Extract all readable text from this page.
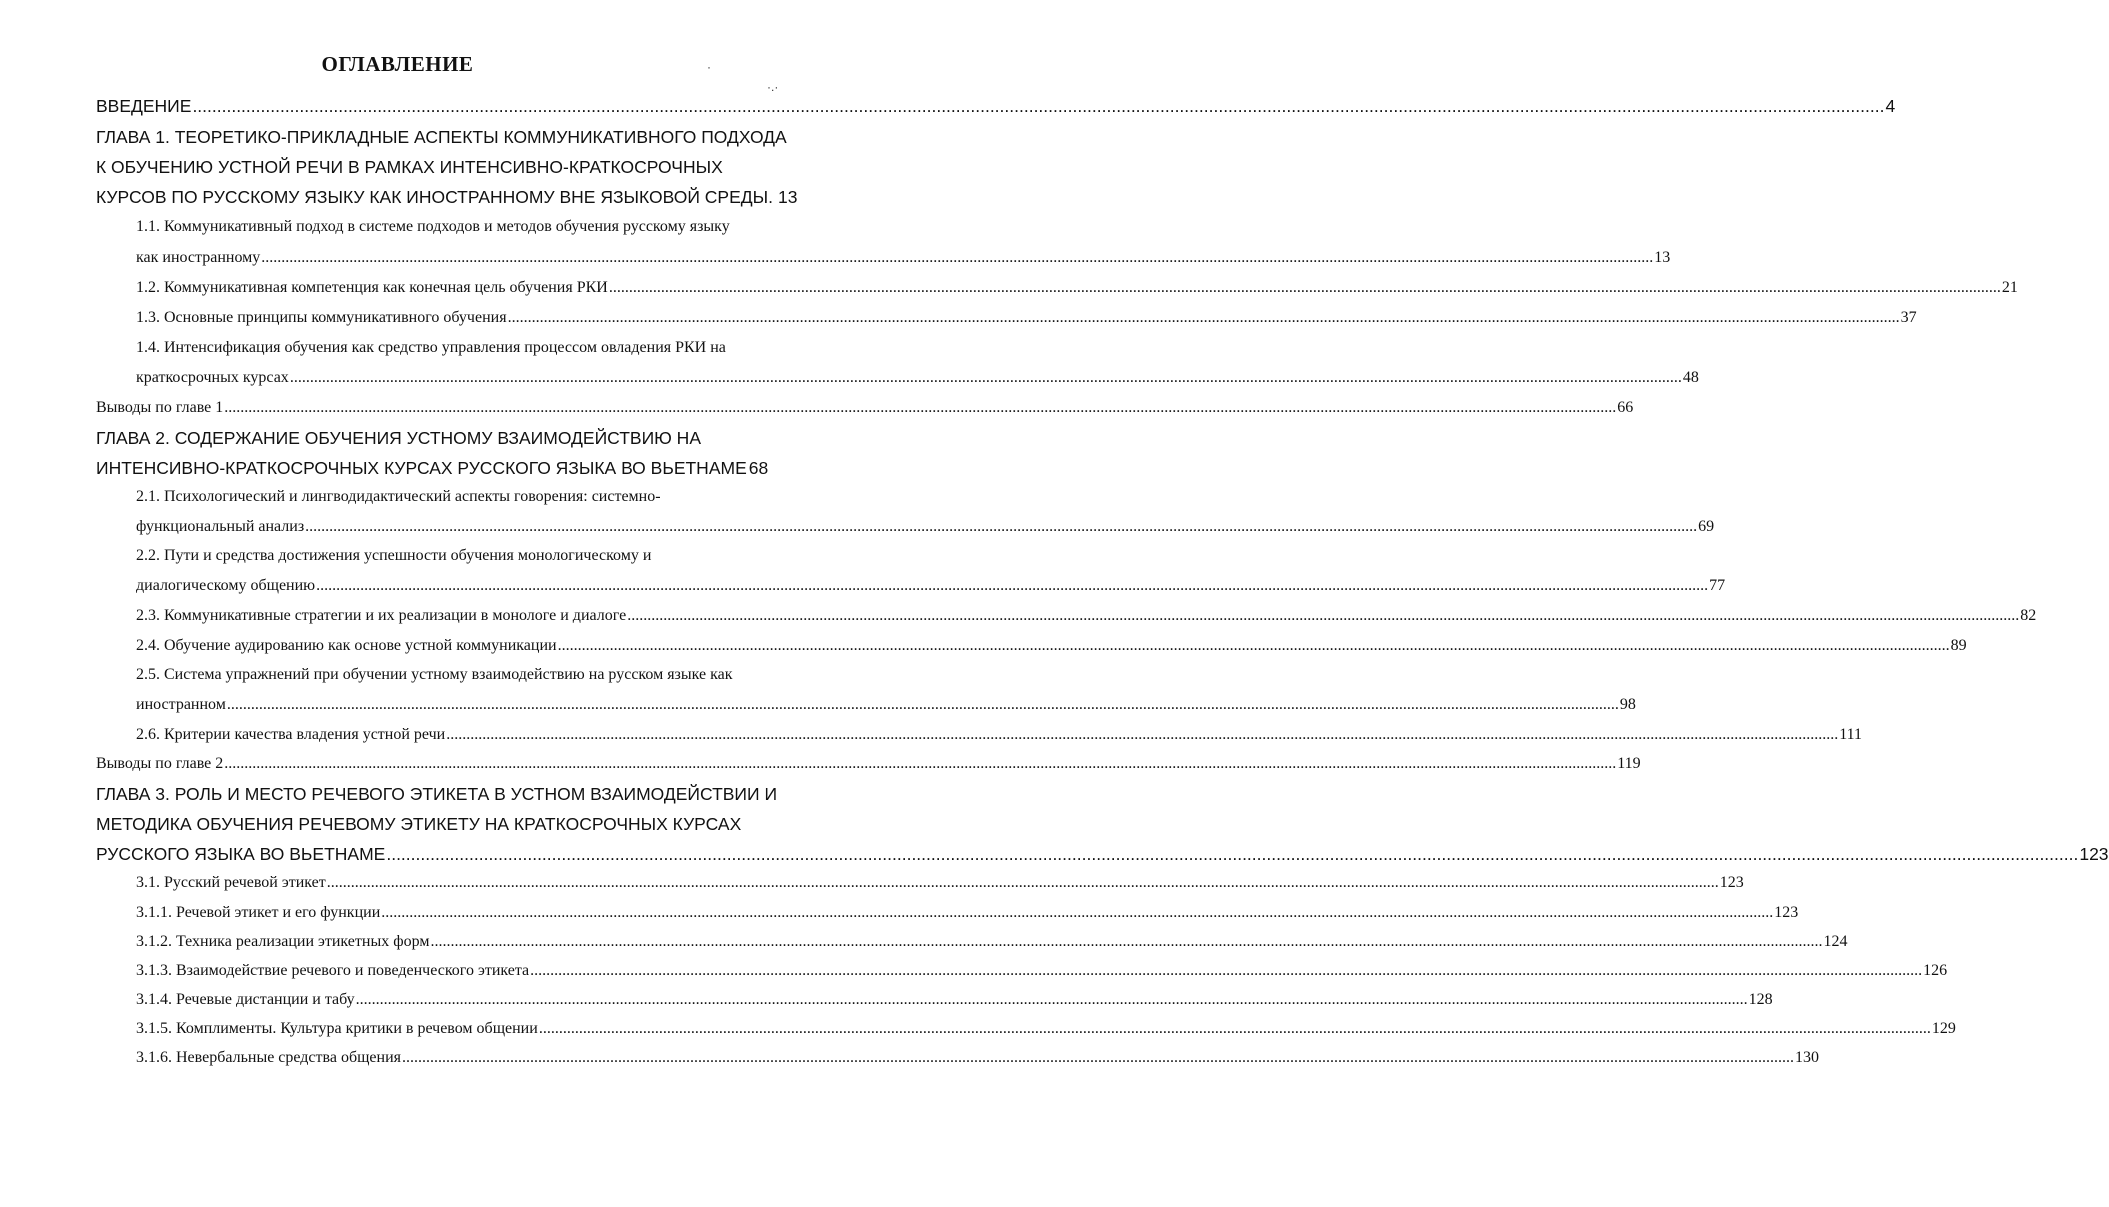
ОГЛАВЛЕНИЕ	·
·.·
ВВЕДЕНИЕ .....	4
ГЛАВА 1. ТЕОРЕТИКО-ПРИКЛАДНЫЕ АСПЕКТЫ КОММУНИКАТИВНОГО ПОДХОДА
К ОБУЧЕНИЮ УСТНОЙ РЕЧИ В РАМКАХ ИНТЕНСИВНО-КРАТКОСРОЧНЫХ
КУРСОВ ПО РУССКОМУ ЯЗЫКУ КАК ИНОСТРАННОМУ ВНЕ ЯЗЫКОВОЙ СРЕДЫ. 13
1.1. Коммуникативный подход в системе подходов и методов обучения русскому языку
как иностранному .....	13
1.2. Коммуникативная компетенция как конечная цель обучения РКИ .....	21
1.3. Основные принципы коммуникативного обучения .....	37
1.4. Интенсификация обучения как средство управления процессом овладения РКИ на
краткосрочных курсах .....	48
Выводы по главе 1 .....	66
ГЛАВА 2. СОДЕРЖАНИЕ ОБУЧЕНИЯ УСТНОМУ ВЗАИМОДЕЙСТВИЮ НА
ИНТЕНСИВНО-КРАТКОСРОЧНЫХ КУРСАХ РУССКОГО ЯЗЫКА ВО ВЬЕТНАМЕ 68
2.1. Психологический и лингводидактический аспекты говорения: системно-
функциональный анализ .....	69
2.2. Пути и средства достижения успешности обучения монологическому и
диалогическому общению .....	77
2.3. Коммуникативные стратегии и их реализации в монологе и диалоге .....	82
2.4. Обучение аудированию как основе устной коммуникации .....	89
2.5. Система упражнений при обучении устному взаимодействию на русском языке как
иностранном .....	98
2.6. Критерии качества владения устной речи .....	111
Выводы по главе 2 .....	119
ГЛАВА 3. РОЛЬ И МЕСТО РЕЧЕВОГО ЭТИКЕТА В УСТНОМ ВЗАИМОДЕЙСТВИИ И
МЕТОДИКА ОБУЧЕНИЯ РЕЧЕВОМУ ЭТИКЕТУ НА КРАТКОСРОЧНЫХ КУРСАХ
РУССКОГО ЯЗЫКА ВО ВЬЕТНАМЕ .....	123
3.1. Русский речевой этикет .....	123
3.1.1. Речевой этикет и его функции .....	123
3.1.2. Техника реализации этикетных форм .....	124
3.1.3. Взаимодействие речевого и поведенческого этикета .....	126
3.1.4. Речевые дистанции и табу .....	128
3.1.5. Комплименты. Культура критики в речевом общении .....	129
3.1.6. Невербальные средства общения .....	130
